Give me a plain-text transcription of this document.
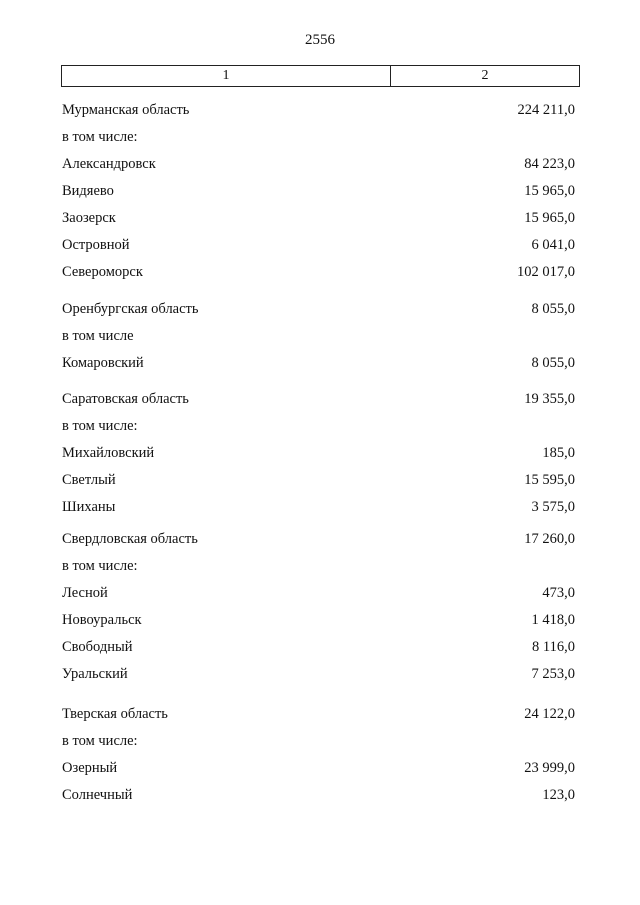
2556
1	2
Мурманская область	224 211,0
в том числе:
Александровск	84 223,0
Видяево	15 965,0
Заозерск	15 965,0
Островной	6 041,0
Североморск	102 017,0
Оренбургская область	8 055,0
в том числе
Комаровский	8 055,0
Саратовская область	19 355,0
в том числе:
Михайловский	185,0
Светлый	15 595,0
Шиханы	3 575,0
Свердловская область	17 260,0
в том числе:
Лесной	473,0
Новоуральск	1 418,0
Свободный	8 116,0
Уральский	7 253,0
Тверская область	24 122,0
в том числе:
Озерный	23 999,0
Солнечный	123,0
